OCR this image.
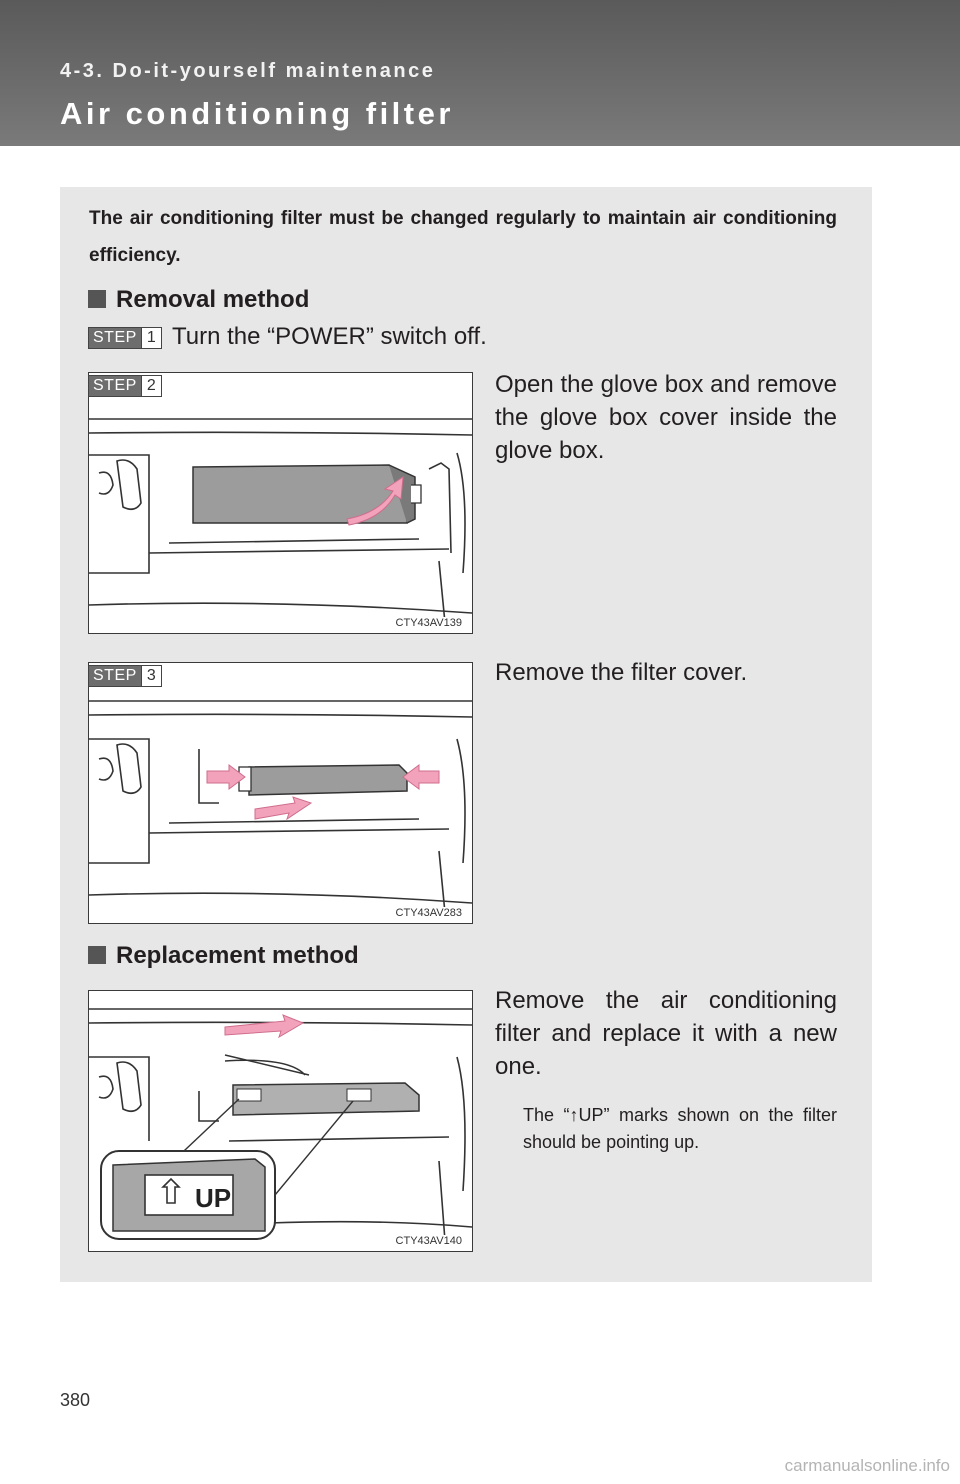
4-3. Do-it-yourself maintenance
Air conditioning filter
The air conditioning filter must be changed regularly to maintain air conditioning efficiency.
Removal method
STEP 1 Turn the “POWER” switch off.
CTY43AV139
STEP 2	Open the glove box and remove the glove box cover inside the glove box.
CTY43AV283
STEP 3	Remove the filter cover.
Replacement method
UP
CTY43AV140
Remove the air conditioning filter and replace it with a new one.
The “↑UP” marks shown on the filter should be pointing up.
380
carmanualsonline.info
